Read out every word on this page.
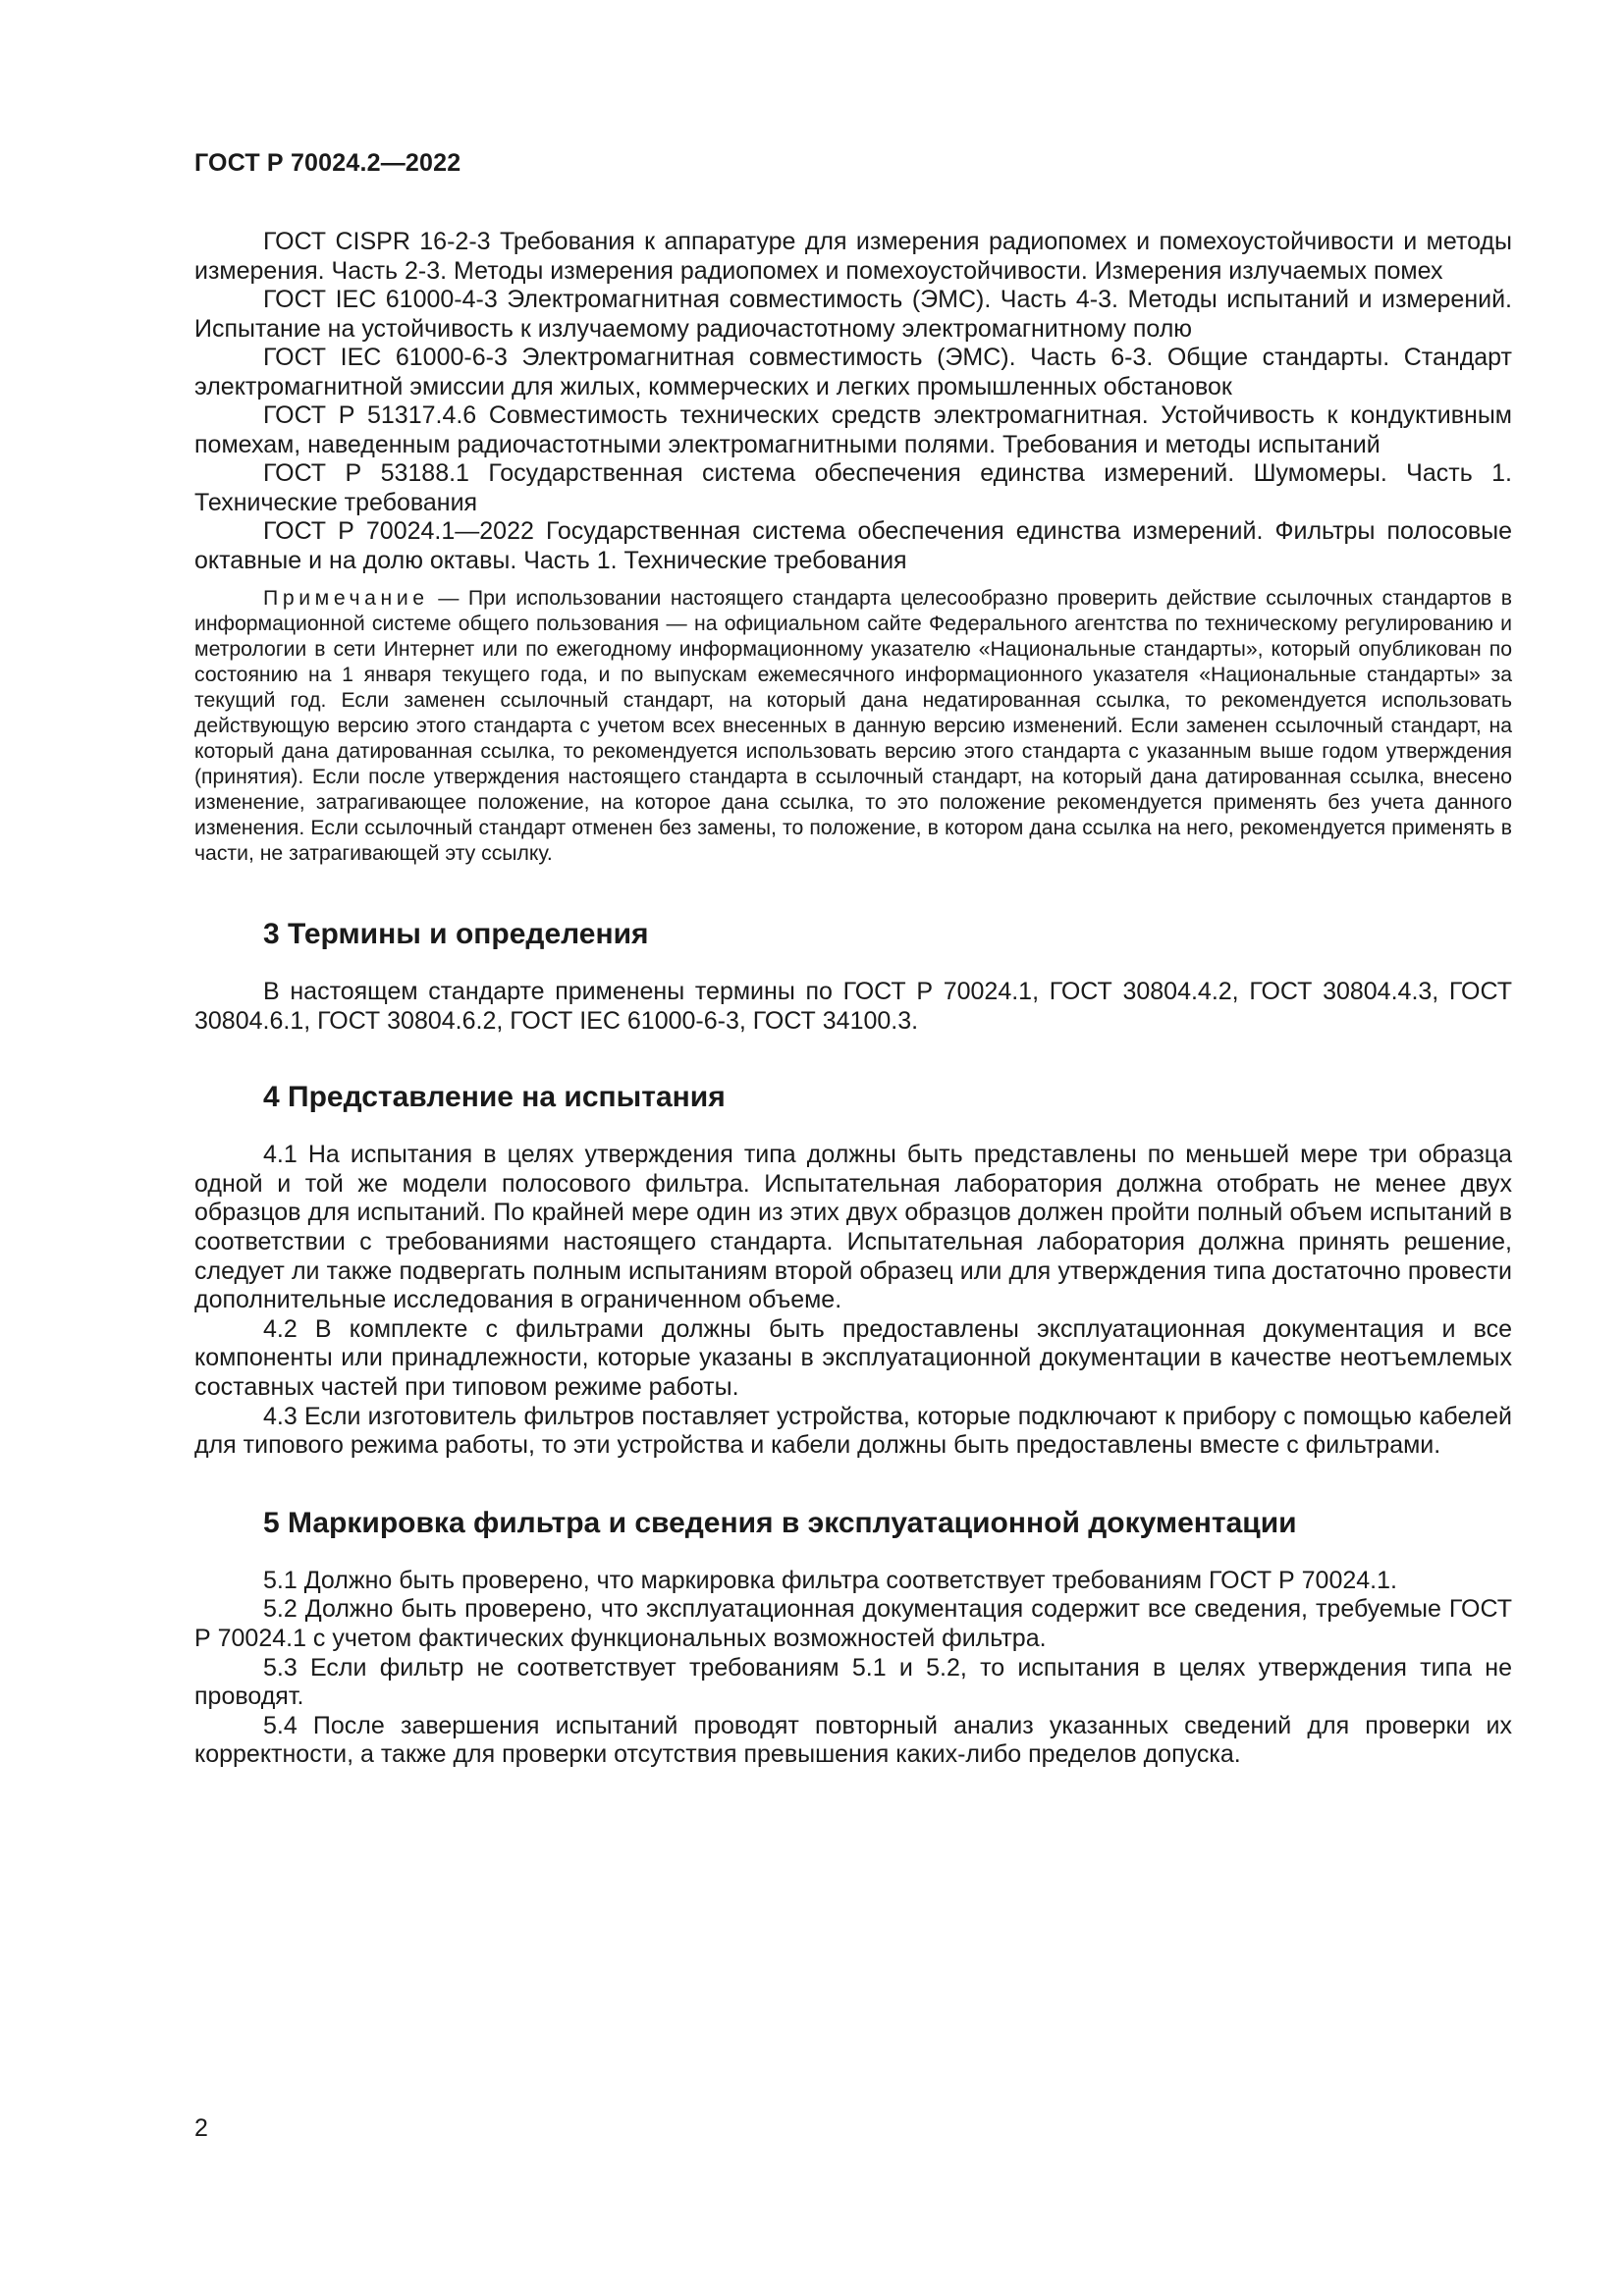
ГОСТ Р 70024.2—2022

ГОСТ CISPR 16-2-3 Требования к аппаратуре для измерения радиопомех и помехоустойчивости и методы измерения. Часть 2-3. Методы измерения радиопомех и помехоустойчивости. Измерения излучаемых помех

ГОСТ IEC 61000-4-3 Электромагнитная совместимость (ЭМС). Часть 4-3. Методы испытаний и измерений. Испытание на устойчивость к излучаемому радиочастотному электромагнитному полю

ГОСТ IEC 61000-6-3 Электромагнитная совместимость (ЭМС). Часть 6-3. Общие стандарты. Стандарт электромагнитной эмиссии для жилых, коммерческих и легких промышленных обстановок

ГОСТ Р 51317.4.6 Совместимость технических средств электромагнитная. Устойчивость к кондуктивным помехам, наведенным радиочастотными электромагнитными полями. Требования и методы испытаний

ГОСТ Р 53188.1 Государственная система обеспечения единства измерений. Шумомеры. Часть 1. Технические требования

ГОСТ Р 70024.1—2022 Государственная система обеспечения единства измерений. Фильтры полосовые октавные и на долю октавы. Часть 1. Технические требования

Примечание — При использовании настоящего стандарта целесообразно проверить действие ссылочных стандартов в информационной системе общего пользования — на официальном сайте Федерального агентства по техническому регулированию и метрологии в сети Интернет или по ежегодному информационному указателю «Национальные стандарты», который опубликован по состоянию на 1 января текущего года, и по выпускам ежемесячного информационного указателя «Национальные стандарты» за текущий год. Если заменен ссылочный стандарт, на который дана недатированная ссылка, то рекомендуется использовать действующую версию этого стандарта с учетом всех внесенных в данную версию изменений. Если заменен ссылочный стандарт, на который дана датированная ссылка, то рекомендуется использовать версию этого стандарта с указанным выше годом утверждения (принятия). Если после утверждения настоящего стандарта в ссылочный стандарт, на который дана датированная ссылка, внесено изменение, затрагивающее положение, на которое дана ссылка, то это положение рекомендуется применять без учета данного изменения. Если ссылочный стандарт отменен без замены, то положение, в котором дана ссылка на него, рекомендуется применять в части, не затрагивающей эту ссылку.
3 Термины и определения

В настоящем стандарте применены термины по ГОСТ Р 70024.1, ГОСТ 30804.4.2, ГОСТ 30804.4.3, ГОСТ 30804.6.1, ГОСТ 30804.6.2, ГОСТ IEC 61000-6-3, ГОСТ 34100.3.

4 Представление на испытания

4.1 На испытания в целях утверждения типа должны быть представлены по меньшей мере три образца одной и той же модели полосового фильтра. Испытательная лаборатория должна отобрать не менее двух образцов для испытаний. По крайней мере один из этих двух образцов должен пройти полный объем испытаний в соответствии с требованиями настоящего стандарта. Испытательная лаборатория должна принять решение, следует ли также подвергать полным испытаниям второй образец или для утверждения типа достаточно провести дополнительные исследования в ограниченном объеме.

4.2 В комплекте с фильтрами должны быть предоставлены эксплуатационная документация и все компоненты или принадлежности, которые указаны в эксплуатационной документации в качестве неотъемлемых составных частей при типовом режиме работы.

4.3 Если изготовитель фильтров поставляет устройства, которые подключают к прибору с помощью кабелей для типового режима работы, то эти устройства и кабели должны быть предоставлены вместе с фильтрами.

5 Маркировка фильтра и сведения в эксплуатационной документации

5.1 Должно быть проверено, что маркировка фильтра соответствует требованиям ГОСТ Р 70024.1.

5.2 Должно быть проверено, что эксплуатационная документация содержит все сведения, требуемые ГОСТ Р 70024.1 с учетом фактических функциональных возможностей фильтра.

5.3 Если фильтр не соответствует требованиям 5.1 и 5.2, то испытания в целях утверждения типа не проводят.

5.4 После завершения испытаний проводят повторный анализ указанных сведений для проверки их корректности, а также для проверки отсутствия превышения каких-либо пределов допуска.

2
